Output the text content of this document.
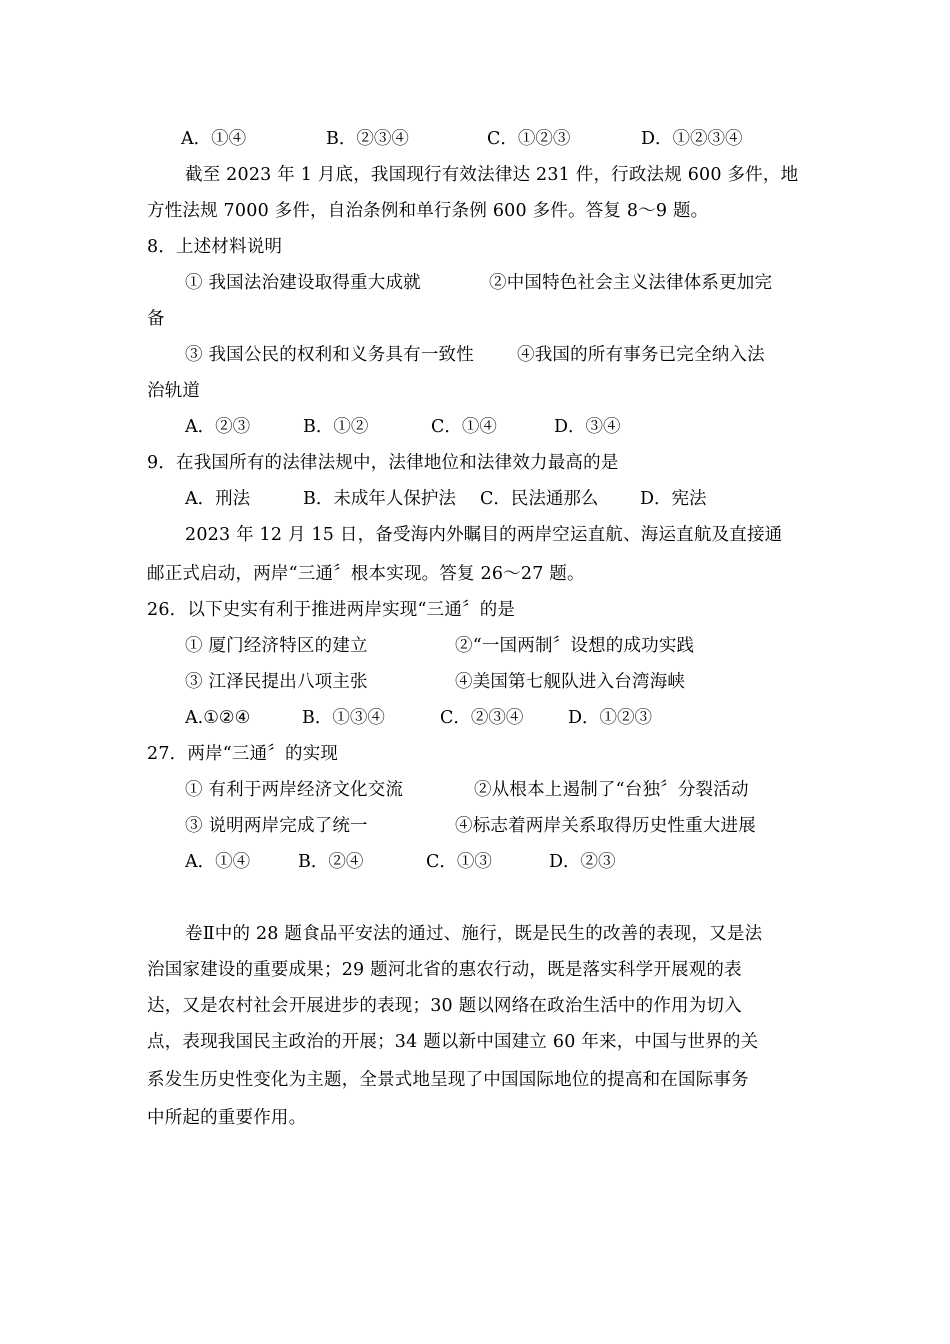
A．①④	B．②③④	C．①②③	D．①②③④
截至 2023 年 1 月底，我国现行有效法律达 231 件，行政法规 600 多件，地
方性法规 7000 多件，自治条例和单行条例 600 多件。答复 8～9 题。
8．上述材料说明
① 我国法治建设取得重大成就	②中国特色社会主义法律体系更加完
备
③ 我国公民的权利和义务具有一致性 ④我国的所有事务已完全纳入法
治轨道
A．②③	B．①②	C．①④	D．③④
9．在我国所有的法律法规中，法律地位和法律效力最高的是
A．刑法	B．未成年人保护法 C．民法通那么 D．宪法
2023 年 12 月 15 日，备受海内外瞩目的两岸空运直航、海运直航及直接通
邮正式启动，两岸“三通〞根本实现。答复 26～27 题。
26．以下史实有利于推进两岸实现“三通〞的是
① 厦门经济特区的建立	②“一国两制〞设想的成功实践
③ 江泽民提出八项主张	④美国第七舰队进入台湾海峡
A.①②④	B．①③④	C．②③④	D．①②③
27．两岸“三通〞的实现
① 有利于两岸经济文化交流	②从根本上遏制了“台独〞分裂活动
③ 说明两岸完成了统一	④标志着两岸关系取得历史性重大进展
A．①④	B．②④	C．①③	D．②③
卷Ⅱ中的 28 题食品平安法的通过、施行，既是民生的改善的表现，又是法
治国家建设的重要成果；29 题河北省的惠农行动，既是落实科学开展观的表
达，又是农村社会开展进步的表现；30 题以网络在政治生活中的作用为切入
点，表现我国民主政治的开展；34 题以新中国建立 60 年来，中国与世界的关
系发生历史性变化为主题，全景式地呈现了中国国际地位的提高和在国际事务
中所起的重要作用。
